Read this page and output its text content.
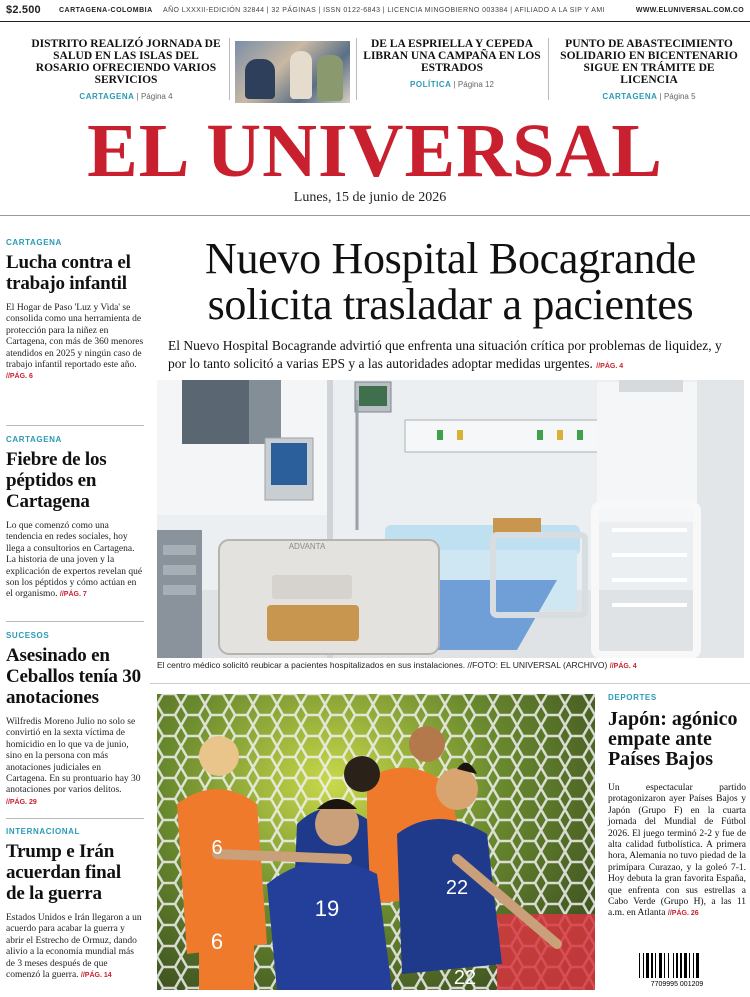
$2.500	CARTAGENA-COLOMBIA AÑO LXXXII-EDICIÓN 32844 | 32 PÁGINAS | ISSN 0122-6843 | LICENCIA MINGOBIERNO 003384 | AFILIADO A LA SIP Y AMI	WWW.ELUNIVERSAL.COM.CO
DISTRITO REALIZÓ JORNADA DE SALUD EN LAS ISLAS DEL ROSARIO OFRECIENDO VARIOS SERVICIOS
CARTAGENA | Página 4
DE LA ESPRIELLA Y CEPEDA LIBRAN UNA CAMPAÑA EN LOS ESTRADOS
POLÍTICA | Página 12
PUNTO DE ABASTECIMIENTO SOLIDARIO EN BICENTENARIO SIGUE EN TRÁMITE DE LICENCIA
CARTAGENA | Página 5
EL UNIVERSAL
Lunes, 15 de junio de 2026
CARTAGENA
Lucha contra el trabajo infantil

El Hogar de Paso 'Luz y Vida' se consolida como una herramienta de protección para la niñez en Cartagena, con más de 360 menores atendidos en 2025 y ningún caso de trabajo infantil reportado este año. //PÁG. 6

CARTAGENA
Fiebre de los péptidos en Cartagena

Lo que comenzó como una tendencia en redes sociales, hoy llega a consultorios en Cartagena. La historia de una joven y la explicación de expertos revelan qué son los péptidos y cómo actúan en el organismo. //PÁG. 7

SUCESOS
Asesinado en Ceballos tenía 30 anotaciones

Wilfredis Moreno Julio no solo se convirtió en la sexta víctima de homicidio en lo que va de junio, sino en la persona con más anotaciones judiciales en Cartagena. En su prontuario hay 30 anotaciones por varios delitos. //PÁG. 29

INTERNACIONAL
Trump e Irán acuerdan final de la guerra

Estados Unidos e Irán llegaron a un acuerdo para acabar la guerra y abrir el Estrecho de Ormuz, dando alivio a la economía mundial más de 3 meses después de que comenzó la guerra. //PÁG. 14

Nuevo Hospital Bocagrande solicita trasladar a pacientes
El Nuevo Hospital Bocagrande advirtió que enfrenta una situación crítica por problemas de liquidez, y por lo tanto solicitó a varias EPS y a las autoridades adoptar medidas urgentes. //PÁG. 4
ADVANTA
El centro médico solicitó reubicar a pacientes hospitalizados en sus instalaciones. //FOTO: EL UNIVERSAL (ARCHIVO) //PÁG. 4
6
19
22
22
6
DEPORTES
Japón: agónico empate ante Países Bajos

Un espectacular partido protagonizaron ayer Países Bajos y Japón (Grupo F) en la cuarta jornada del Mundial de Fútbol 2026. El juego terminó 2-2 y fue de alta calidad futbolística. A primera hora, Alemania no tuvo piedad de la primípara Curazao, y la goleó 7-1. Hoy debuta la gran favorita España, que enfrenta con sus estrellas a Cabo Verde (Grupo H), a las 11 a.m. en Atlanta //PÁG. 26

7709995 001209
